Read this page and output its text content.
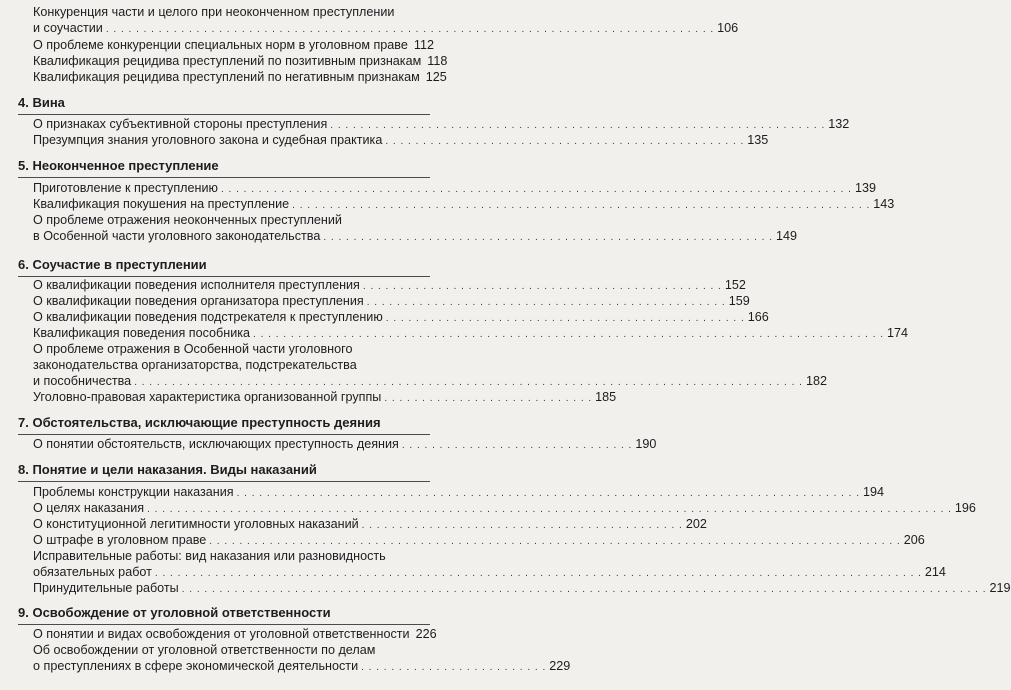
Конкуренция части и целого при неоконченном преступлении
и соучастии . . . . . . . . . . . . . . . . . . . . . . . . . . . . . . . . . . . . . . . . . . . . . . . . . . . . . . . . . . . . . . . . . . . . . . . . . . . . . . . . . 106
О проблеме конкуренции специальных норм в уголовном праве 112
Квалификация рецидива преступлений по позитивным признакам 118
Квалификация рецидива преступлений по негативным признакам 125
4. Вина
О признаках субъективной стороны преступления . . . . . . . . . . . . . . . . . . . . . . . . . . . . . . . . . . . . . . . . . . . . . . . . . . . . . . . . . . . . . . . . . . 132
Презумпция знания уголовного закона и судебная практика . . . . . . . . . . . . . . . . . . . . . . . . . . . . . . . . . . . . . . . . . . . . . . . . 135
5. Неоконченное преступление
Приготовление к преступлению . . . . . . . . . . . . . . . . . . . . . . . . . . . . . . . . . . . . . . . . . . . . . . . . . . . . . . . . . . . . . . . . . . . . . . . . . . . . . . . . . . . . 139
Квалификация покушения на преступление . . . . . . . . . . . . . . . . . . . . . . . . . . . . . . . . . . . . . . . . . . . . . . . . . . . . . . . . . . . . . . . . . . . . . . . . . . . . . 143
О проблеме отражения неоконченных преступлений
в Особенной части уголовного законодательства . . . . . . . . . . . . . . . . . . . . . . . . . . . . . . . . . . . . . . . . . . . . . . . . . . . . . . . . . . . . 149
6. Соучастие в преступлении
О квалификации поведения исполнителя преступления . . . . . . . . . . . . . . . . . . . . . . . . . . . . . . . . . . . . . . . . . . . . . . . . 152
О квалификации поведения организатора преступления . . . . . . . . . . . . . . . . . . . . . . . . . . . . . . . . . . . . . . . . . . . . . . . . 159
О квалификации поведения подстрекателя к преступлению . . . . . . . . . . . . . . . . . . . . . . . . . . . . . . . . . . . . . . . . . . . . . . . . 166
Квалификация поведения пособника . . . . . . . . . . . . . . . . . . . . . . . . . . . . . . . . . . . . . . . . . . . . . . . . . . . . . . . . . . . . . . . . . . . . . . . . . . . . . . . . . . . . 174
О проблеме отражения в Особенной части уголовного
законодательства организаторства, подстрекательства
и пособничества . . . . . . . . . . . . . . . . . . . . . . . . . . . . . . . . . . . . . . . . . . . . . . . . . . . . . . . . . . . . . . . . . . . . . . . . . . . . . . . . . . . . . . . . . 182
Уголовно-правовая характеристика организованной группы . . . . . . . . . . . . . . . . . . . . . . . . . . . . 185
7. Обстоятельства, исключающие преступность деяния
О понятии обстоятельств, исключающих преступность деяния . . . . . . . . . . . . . . . . . . . . . . . . . . . . . . . 190
8. Понятие и цели наказания. Виды наказаний
Проблемы конструкции наказания . . . . . . . . . . . . . . . . . . . . . . . . . . . . . . . . . . . . . . . . . . . . . . . . . . . . . . . . . . . . . . . . . . . . . . . . . . . . . . . . . . . 194
О целях наказания . . . . . . . . . . . . . . . . . . . . . . . . . . . . . . . . . . . . . . . . . . . . . . . . . . . . . . . . . . . . . . . . . . . . . . . . . . . . . . . . . . . . . . . . . . . . . . . . . . . . . . . . . . . 196
О конституционной легитимности уголовных наказаний . . . . . . . . . . . . . . . . . . . . . . . . . . . . . . . . . . . . . . . . . . . 202
О штрафе в уголовном праве . . . . . . . . . . . . . . . . . . . . . . . . . . . . . . . . . . . . . . . . . . . . . . . . . . . . . . . . . . . . . . . . . . . . . . . . . . . . . . . . . . . . . . . . . . . . 206
Исправительные работы: вид наказания или разновидность
обязательных работ . . . . . . . . . . . . . . . . . . . . . . . . . . . . . . . . . . . . . . . . . . . . . . . . . . . . . . . . . . . . . . . . . . . . . . . . . . . . . . . . . . . . . . . . . . . . . . . . . . . . . . 214
Принудительные работы . . . . . . . . . . . . . . . . . . . . . . . . . . . . . . . . . . . . . . . . . . . . . . . . . . . . . . . . . . . . . . . . . . . . . . . . . . . . . . . . . . . . . . . . . . . . . . . . . . . . . . . . . . . 219
9. Освобождение от уголовной ответственности
О понятии и видах освобождения от уголовной ответственности 226
Об освобождении от уголовной ответственности по делам
о преступлениях в сфере экономической деятельности . . . . . . . . . . . . . . . . . . . . . . . . . 229
